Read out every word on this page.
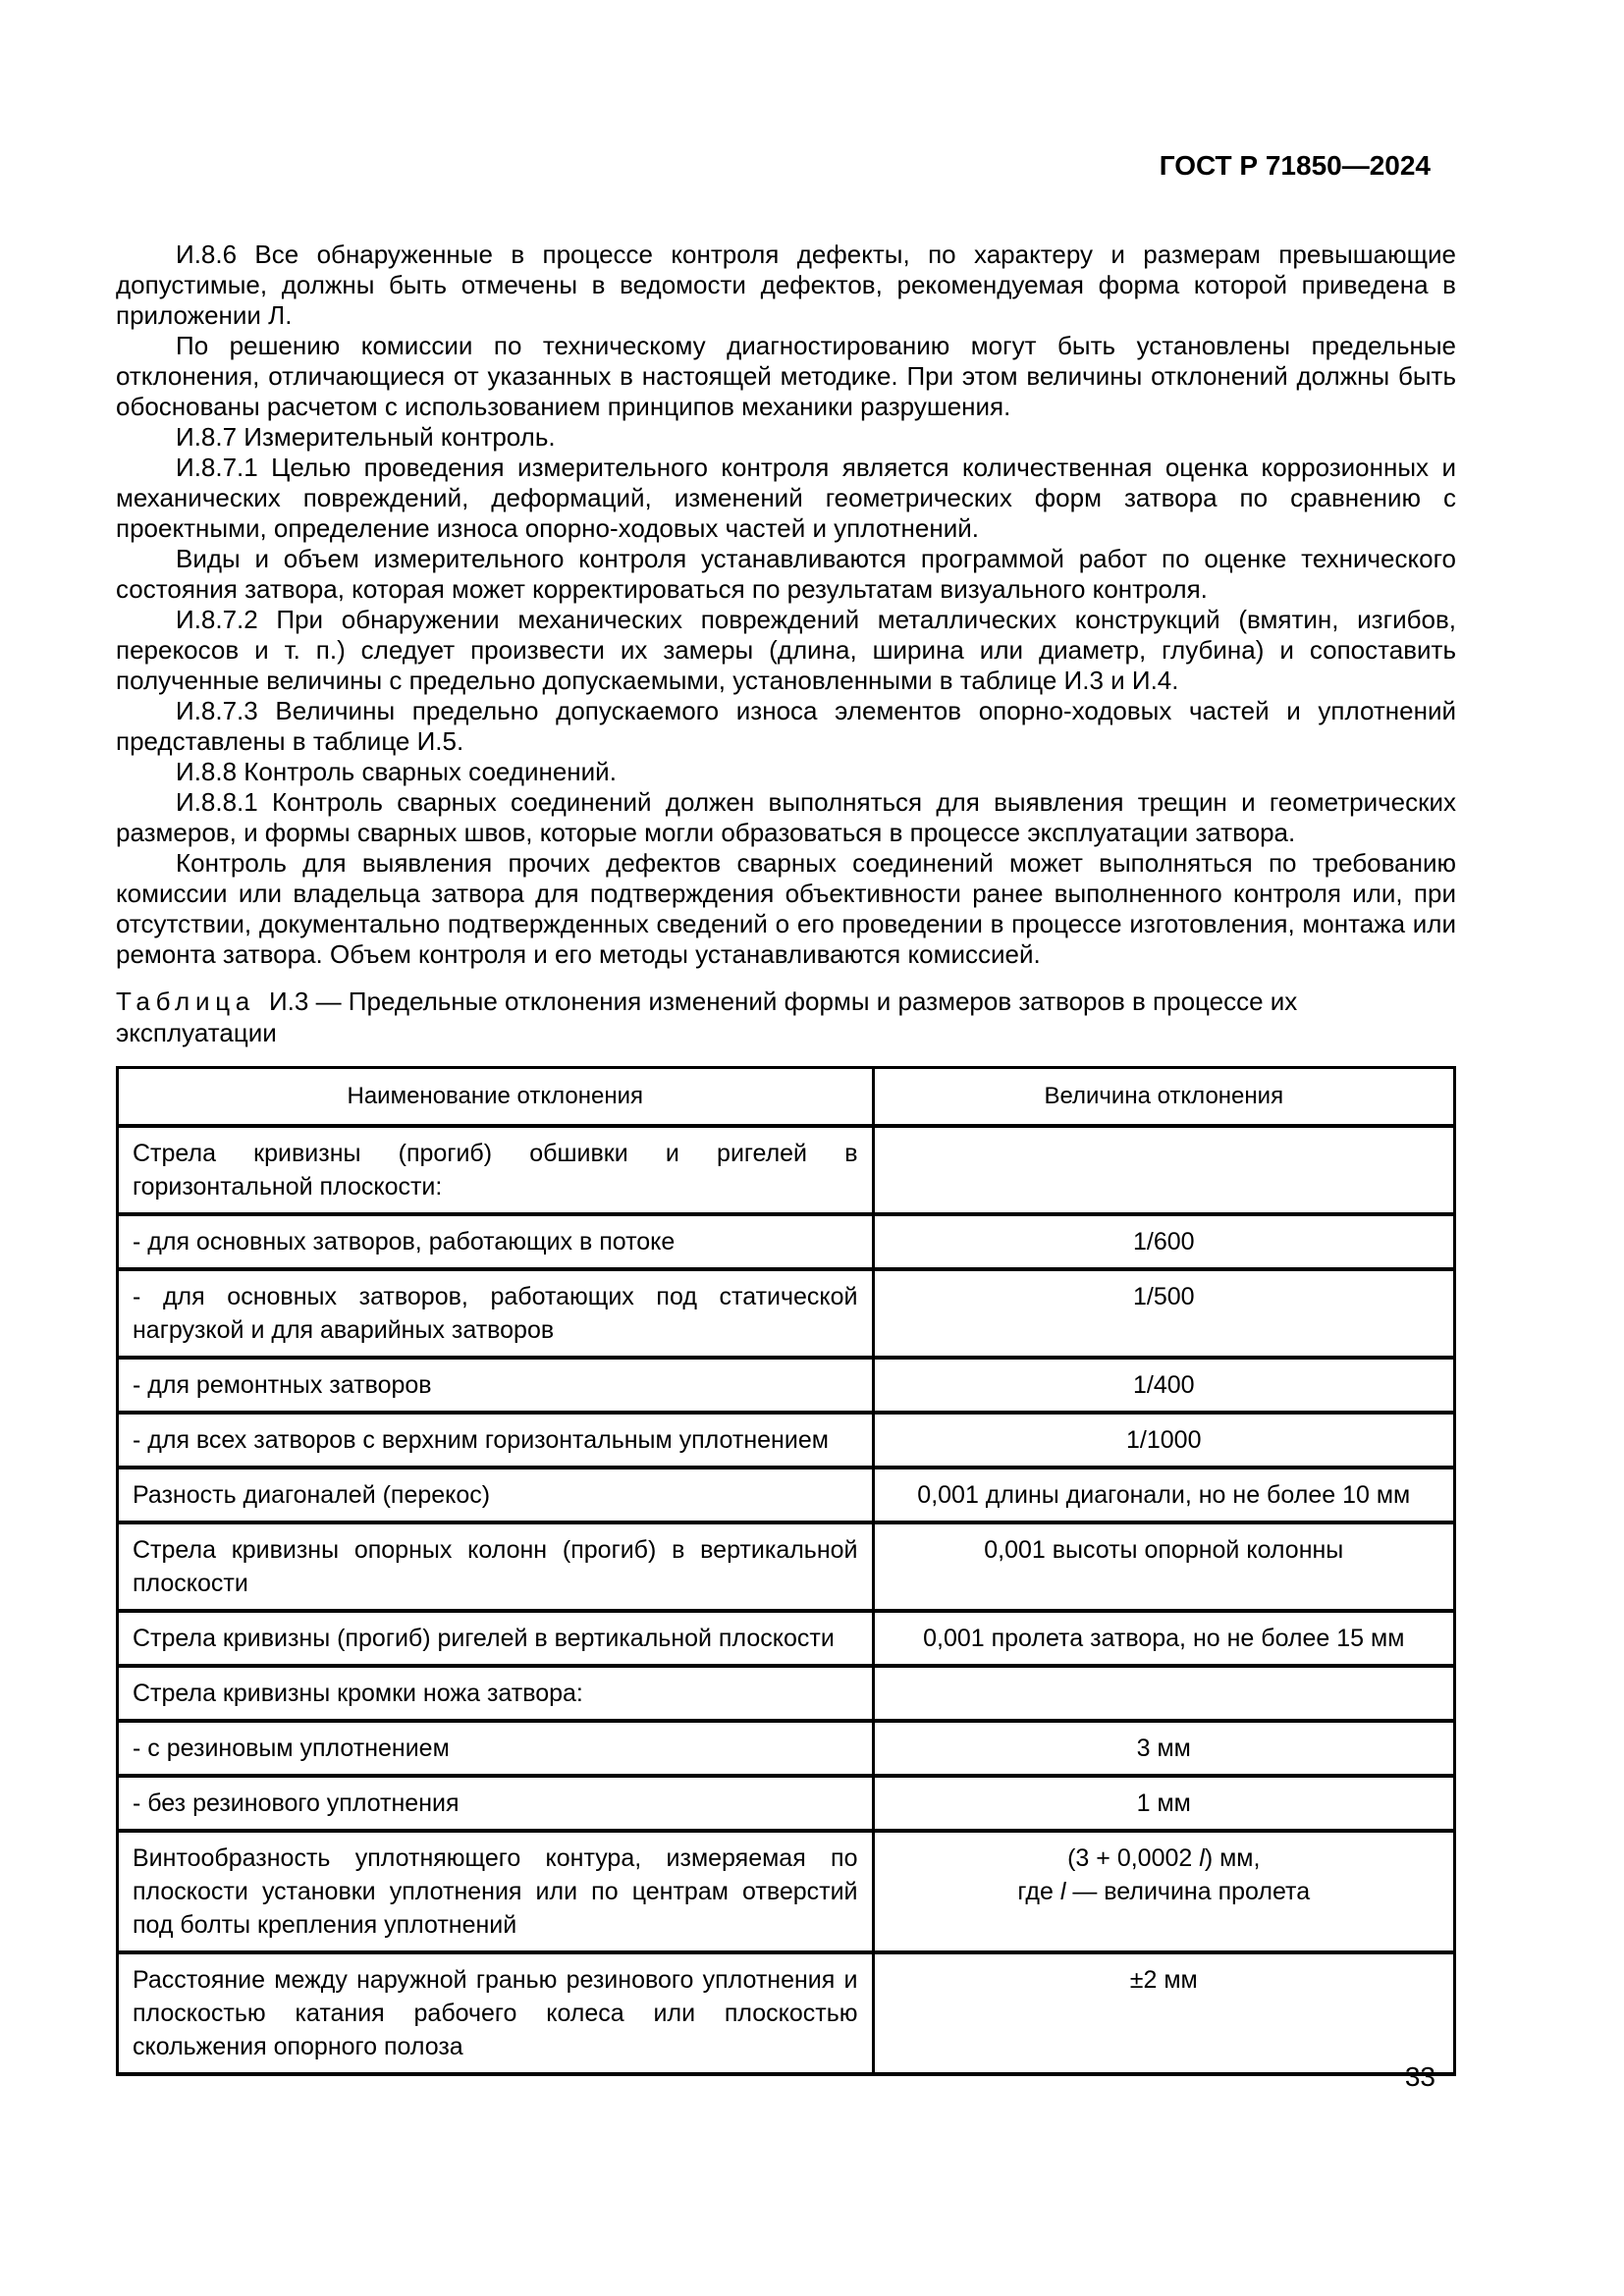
ГОСТ Р 71850—2024

И.8.6 Все обнаруженные в процессе контроля дефекты, по характеру и размерам превышающие допустимые, должны быть отмечены в ведомости дефектов, рекомендуемая форма которой приведена в приложении Л.

По решению комиссии по техническому диагностированию могут быть установлены предельные отклонения, отличающиеся от указанных в настоящей методике. При этом величины отклонений должны быть обоснованы расчетом с использованием принципов механики разрушения.

И.8.7 Измерительный контроль.

И.8.7.1 Целью проведения измерительного контроля является количественная оценка коррозионных и механических повреждений, деформаций, изменений геометрических форм затвора по сравнению с проектными, определение износа опорно-ходовых частей и уплотнений.

Виды и объем измерительного контроля устанавливаются программой работ по оценке технического состояния затвора, которая может корректироваться по результатам визуального контроля.

И.8.7.2 При обнаружении механических повреждений металлических конструкций (вмятин, изгибов, перекосов и т. п.) следует произвести их замеры (длина, ширина или диаметр, глубина) и сопоставить полученные величины с предельно допускаемыми, установленными в таблице И.3 и И.4.

И.8.7.3 Величины предельно допускаемого износа элементов опорно-ходовых частей и уплотнений представлены в таблице И.5.

И.8.8 Контроль сварных соединений.

И.8.8.1 Контроль сварных соединений должен выполняться для выявления трещин и геометрических размеров, и формы сварных швов, которые могли образоваться в процессе эксплуатации затвора.

Контроль для выявления прочих дефектов сварных соединений может выполняться по требованию комиссии или владельца затвора для подтверждения объективности ранее выполненного контроля или, при отсутствии, документально подтвержденных сведений о его проведении в процессе изготовления, монтажа или ремонта затвора. Объем контроля и его методы устанавливаются комиссией.

Таблица И.3 — Предельные отклонения изменений формы и размеров затворов в процессе их эксплуатации

Наименование отклонения	Величина отклонения
Стрела кривизны (прогиб) обшивки и ригелей в горизонтальной плоскости:	
- для основных затворов, работающих в потоке	1/600
- для основных затворов, работающих под статической нагрузкой и для аварийных затворов	1/500
- для ремонтных затворов	1/400
- для всех затворов с верхним горизонтальным уплотнением	1/1000
Разность диагоналей (перекос)	0,001 длины диагонали, но не более 10 мм
Стрела кривизны опорных колонн (прогиб) в вертикальной плоскости	0,001 высоты опорной колонны
Стрела кривизны (прогиб) ригелей в вертикальной плоскости	0,001 пролета затвора, но не более 15 мм
Стрела кривизны кромки ножа затвора:	
- с резиновым уплотнением	3 мм
- без резинового уплотнения	1 мм
Винтообразность уплотняющего контура, измеряемая по плоскости установки уплотнения или по центрам отверстий под болты крепления уплотнений	(3 + 0,0002 l) мм,
где l — величина пролета

Расстояние между наружной гранью резинового уплотнения и плоскостью катания рабочего колеса или плоскостью скольжения опорного полоза	±2 мм
33
